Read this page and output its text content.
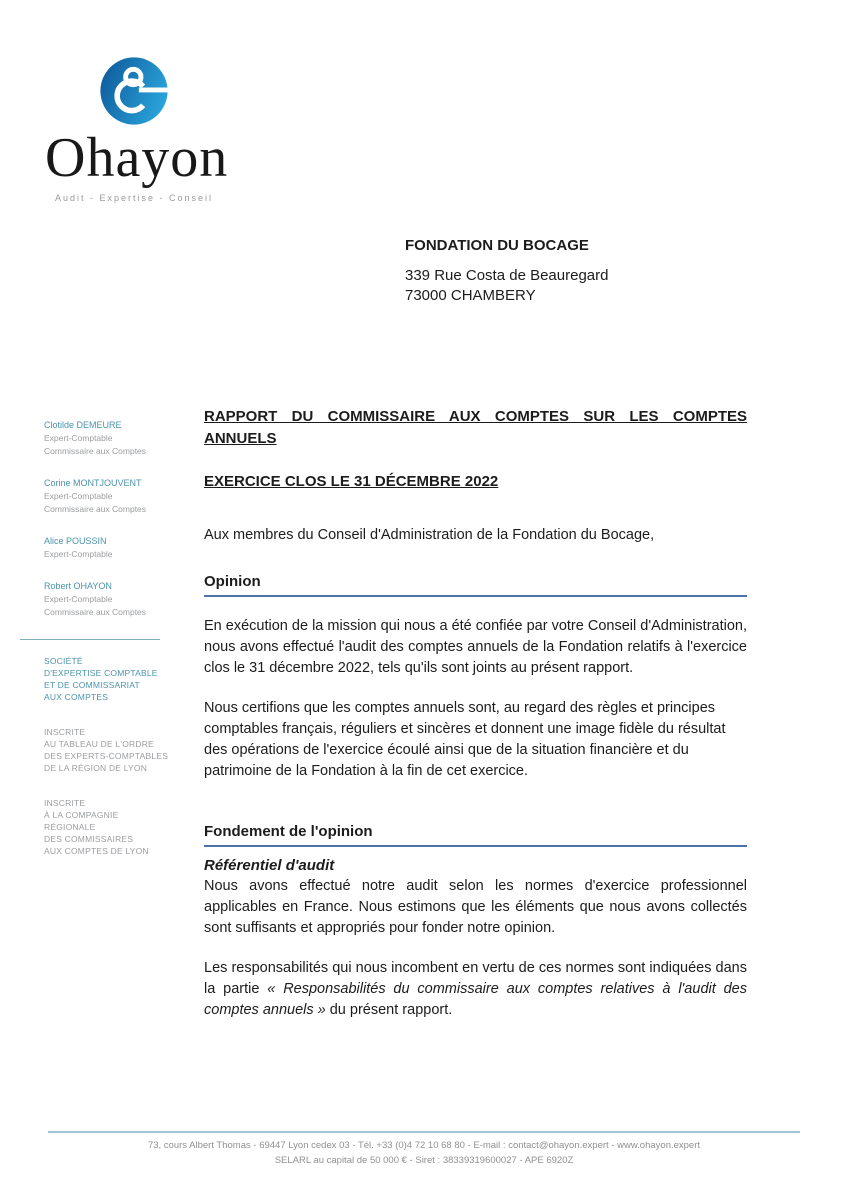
Ohayon
Audit - Expertise - Conseil
FONDATION DU BOCAGE
339 Rue Costa de Beauregard
73000 CHAMBERY
Clotilde DEMEURE
Expert-Comptable
Commissaire aux Comptes
Corine MONTJOUVENT
Expert-Comptable
Commissaire aux Comptes
Alice POUSSIN
Expert-Comptable
Robert OHAYON
Expert-Comptable
Commissaire aux Comptes
SOCIÉTÉ
D'EXPERTISE COMPTABLE
ET DE COMMISSARIAT
AUX COMPTES
INSCRITE
AU TABLEAU DE L'ORDRE
DES EXPERTS-COMPTABLES
DE LA RÉGION DE LYON
INSCRITE
À LA COMPAGNIE
RÉGIONALE
DES COMMISSAIRES
AUX COMPTES DE LYON

RAPPORT DU COMMISSAIRE AUX COMPTES SUR LES COMPTES ANNUELS

EXERCICE CLOS LE 31 DÉCEMBRE 2022

Aux membres du Conseil d'Administration de la Fondation du Bocage,
Opinion

En exécution de la mission qui nous a été confiée par votre Conseil d'Administration, nous avons effectué l'audit des comptes annuels de la Fondation relatifs à l'exercice clos le 31 décembre 2022, tels qu'ils sont joints au présent rapport.

Nous certifions que les comptes annuels sont, au regard des règles et principes comptables français, réguliers et sincères et donnent une image fidèle du résultat des opérations de l'exercice écoulé ainsi que de la situation financière et du patrimoine de la Fondation à la fin de cet exercice.

Fondement de l'opinion
Référentiel d'audit

Nous avons effectué notre audit selon les normes d'exercice professionnel applicables en France. Nous estimons que les éléments que nous avons collectés sont suffisants et appropriés pour fonder notre opinion.

Les responsabilités qui nous incombent en vertu de ces normes sont indiquées dans la partie « Responsabilités du commissaire aux comptes relatives à l'audit des comptes annuels » du présent rapport.

73, cours Albert Thomas - 69447 Lyon cedex 03 - Tél. +33 (0)4 72 10 68 80 - E-mail : contact@ohayon.expert - www.ohayon.expert
SELARL au capital de 50 000 € - Siret : 38339319600027 - APE 6920Z
